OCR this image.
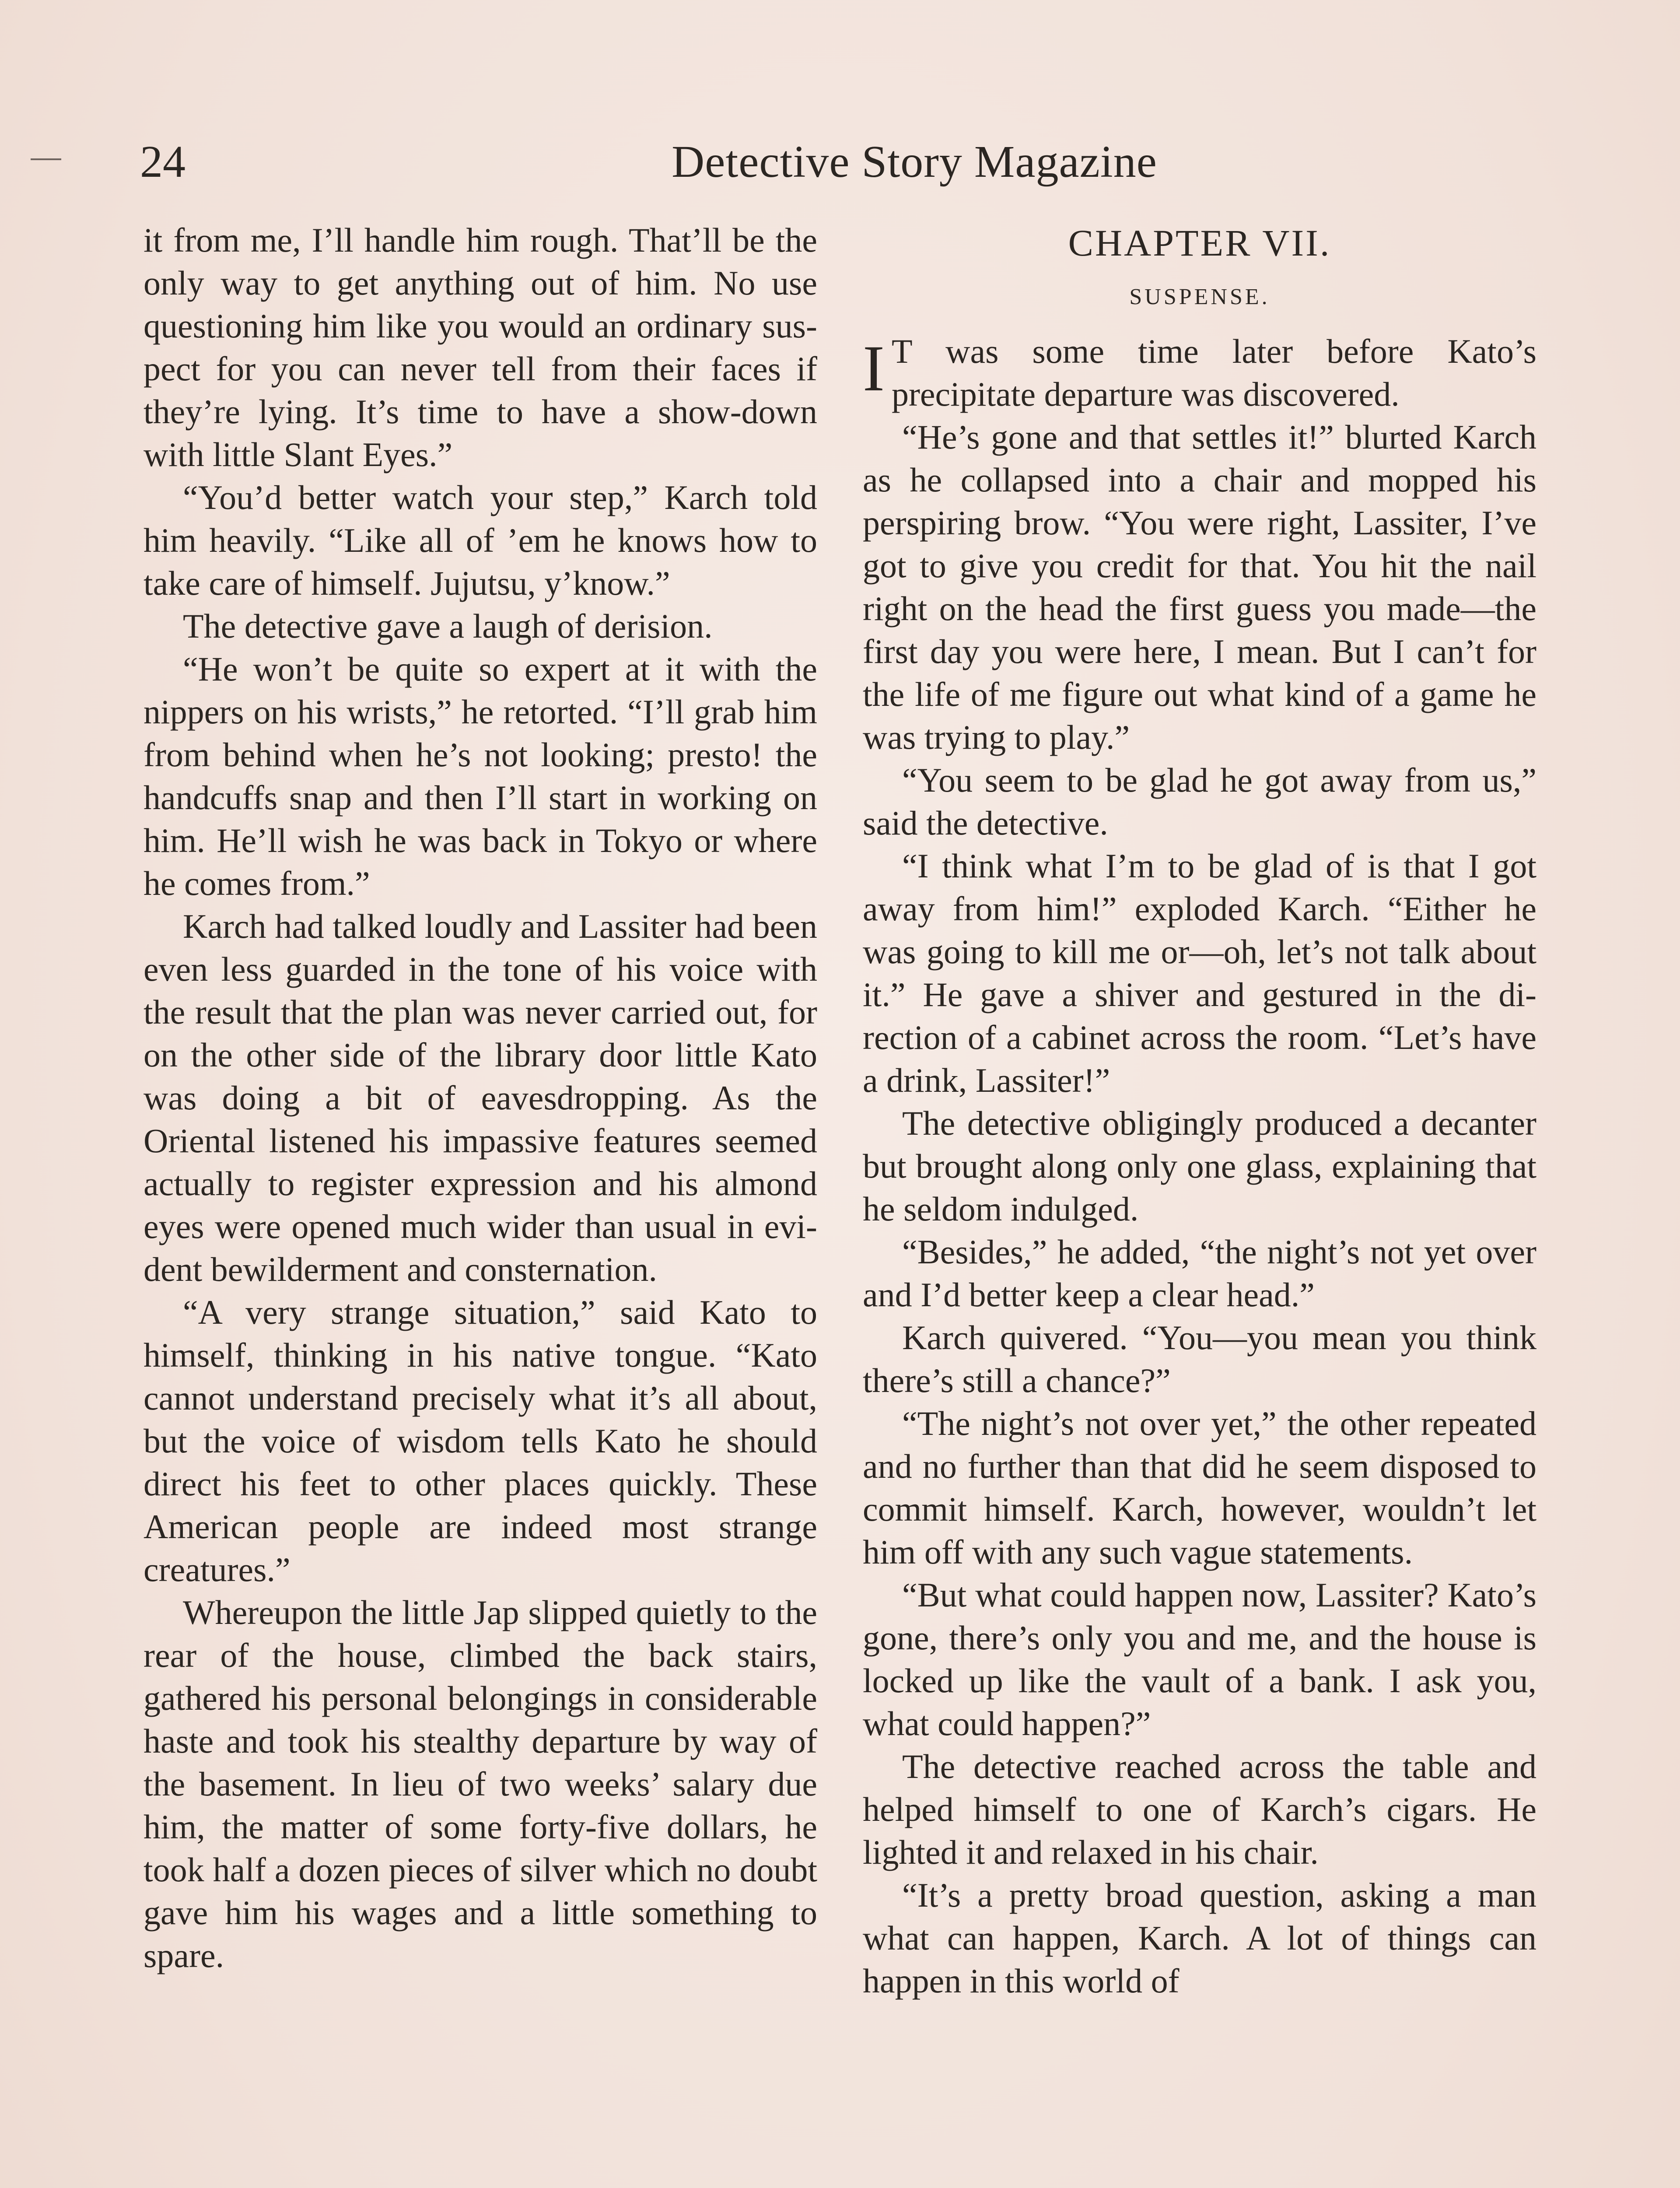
24	Detective Story Magazine

it from me, I’ll handle him rough. That’ll be the only way to get anything out of him. No use questioning him like you would an ordinary suspect for you can never tell from their faces if they’re lying. It’s time to have a show-down with little Slant Eyes.”

“You’d better watch your step,” Karch told him heavily. “Like all of ’em he knows how to take care of himself. Jujutsu, y’know.”

The detective gave a laugh of derision.

“He won’t be quite so expert at it with the nippers on his wrists,” he retorted. “I’ll grab him from behind when he’s not looking; presto! the handcuffs snap and then I’ll start in working on him. He’ll wish he was back in Tokyo or where he comes from.”

Karch had talked loudly and Lassiter had been even less guarded in the tone of his voice with the result that the plan was never carried out, for on the other side of the library door little Kato was doing a bit of eavesdropping. As the Oriental listened his impassive features seemed actually to register expression and his almond eyes were opened much wider than usual in evident bewilderment and consternation.

“A very strange situation,” said Kato to himself, thinking in his native tongue. “Kato cannot understand precisely what it’s all about, but the voice of wisdom tells Kato he should direct his feet to other places quickly. These American people are indeed most strange creatures.”

Whereupon the little Jap slipped quietly to the rear of the house, climbed the back stairs, gathered his personal belongings in considerable haste and took his stealthy departure by way of the basement. In lieu of two weeks’ salary due him, the matter of some forty-five dollars, he took half a dozen pieces of silver which no doubt gave him his wages and a little something to spare.

CHAPTER VII.
SUSPENSE.

I T was some time later before Kato’s precipitate departure was discovered.

“He’s gone and that settles it!” blurted Karch as he collapsed into a chair and mopped his perspiring brow. “You were right, Lassiter, I’ve got to give you credit for that. You hit the nail right on the head the first guess you made—the first day you were here, I mean. But I can’t for the life of me figure out what kind of a game he was trying to play.”

“You seem to be glad he got away from us,” said the detective.

“I think what I’m to be glad of is that I got away from him!” exploded Karch. “Either he was going to kill me or—oh, let’s not talk about it.” He gave a shiver and gestured in the direction of a cabinet across the room. “Let’s have a drink, Lassiter!”

The detective obligingly produced a decanter but brought along only one glass, explaining that he seldom indulged.

“Besides,” he added, “the night’s not yet over and I’d better keep a clear head.”

Karch quivered. “You—you mean you think there’s still a chance?”

“The night’s not over yet,” the other repeated and no further than that did he seem disposed to commit himself. Karch, however, wouldn’t let him off with any such vague statements.

“But what could happen now, Lassiter? Kato’s gone, there’s only you and me, and the house is locked up like the vault of a bank. I ask you, what could happen?”

The detective reached across the table and helped himself to one of Karch’s cigars. He lighted it and relaxed in his chair.

“It’s a pretty broad question, asking a man what can happen, Karch. A lot of things can happen in this world of
